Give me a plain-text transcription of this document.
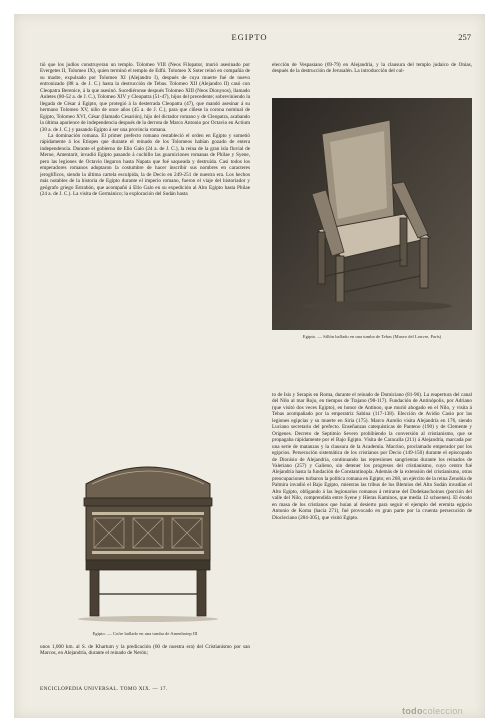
EGIPTO	257

tió que los judíos construyeran un templo. Tolomeo VIII (Neos Filopator, murió asesinado por Evergetes II, Tolomeo IX), quien terminó el templo de Edfú. Tolomeo X Soter reinó en compañía de su madre, expulsado por Tolomeo XI (Alejandro I), después de cuya muerte fué de nuevo entronizado (88 a. de J. C.) hasta la destrucción de Tebas. Tolomeo XII (Alejandro II) casó con Cleopatra Berenice, á la que asesinó. Sucediéronse después Tolomeo XIII (Neos Dionysos), llamado Auletes (80-52 a. de J. C.), Tolomeo XIV y Cleopatra (51-47), hijos del precedente; sobreviniendo la llegada de César á Egipto, que protegió á la desterrada Cleopatra (47), que mandó asesinar á su hermano Tolomeo XV, niño de once años (45 a. de J. C.), para que ciñese la corona nominal de Egipto, Tolomeo XVI, César (llamado Cesarión), hijo del dictador romano y de Cleopatra, acabando la última aparience de independencia después de la derrota de Marco Antonio por Octavio en Actium (30 a. de J. C.) y pasando Egipto á ser una provincia romana.

La dominación romana. El primer prefecto romano restableció el orden en Egipto y sometió rápidamente á los Etiopes que durante el reinado de los Tolomeos habían gozado de entera independencia. Durante el gobierno de Elio Galo (24 a. de J. C.), la reina de la gran isla fluvial de Meroe, Amentarit, invadió Egipto pasando á cuchillo las guarniciones romanas de Philae y Syene, pero las legiones de Octavio llegaron hasta Napata que fué saqueada y destruída. Casi todos los emperadores romanos adoptaron la costumbre de hacer inscribir sus nombres en caracteres jeroglíficos, siendo la última cartela esculpida, la de Decio en 249-251 de nuestra era. Los hechos más notables de la historia de Egipto durante el imperio romano, fueron el viaje del historiador y geógrafo griego Estrabón, que acompañó á Elio Galo en su expedición al Alto Egipto hasta Philae (24 a. de J. C.). La visita de Germánico; la exploración del Sudán hasta

Egipto. — Cofre hallado en una tumba de Amenhotep III

unos 1,000 km. al S. de Khartum y la predicación (60 de nuestra era) del Cristianismo por san Marcos, en Alejandría, durante el reinado de Nerón;

elección de Vespasiano (69-79) en Alejandría, y la clausura del templo judaico de Onías, después de la destrucción de Jerusalén. La introducción del cul-

Egipto. — Sillón hallado en una tumba de Tebas (Museo del Louvre, París)

to de Isis y Serapis en Roma, durante el reinado de Domiciano (81-96). La reapertura del canal del Nilo al mar Rojo, en tiempos de Trajano (98-117). Fundación de Antinópolis, por Adriano (que visitó dos veces Egipto), en honor de Antinoo, que murió ahogado en el Nilo, y visita á Tebas acompañado por la emperatriz Sabina (117-138). Elección de Avidio Casio por las legiones egipcias y su muerte en Siria (175). Marco Aurelio visita Alejandría en 176, siendo Luciano secretario del prefecto. Enseñanzas catequísticas de Panteno (190) y de Clemente y Orígenes. Decreto de Septimio Severo prohibiendo la conversión al cristianismo, que se propagaba rápidamente por el Bajo Egipto. Visita de Caracalla (211) á Alejandría, marcada por una serie de matanzas y la clausura de la Academia. Macrino, proclamado emperador por los egipcios. Persecución sistemática de los cristianos por Decio (149-150) durante el episcopado de Dionisio de Alejandría, continuando las represiones sangrientas durante los reinados de Valeriano (257) y Galieno, sin detener los progresos del cristianismo, cuyo centro fué Alejandría hasta la fundación de Constantinopla. Además de la extensión del cristianismo, otras preocupaciones turbaron la política romana en Egipto; en 268, un ejército de la reina Zenobia de Palmira invadió el Bajo Egipto, mientras las tribus de los Blemios del Alto Sudán invadían el Alto Egipto, obligando á las legionarios romanos á retirarse del Dodekaschoinos (porción del valle del Nilo, comprendida entre Syene y Hieras Kaminos, que media 12 schoenes). El éxodo en masa de los cristianos que huían al desierto para seguir el ejemplo del eremita egipcio Antonio de Koma (hacia 271), fué provocado en gran parte por la cruenta persecución de Diocleciano (284-305), que visitó Egipto.

ENCICLOPEDIA UNIVERSAL. TOMO XIX. — 17.
todocoleccion
